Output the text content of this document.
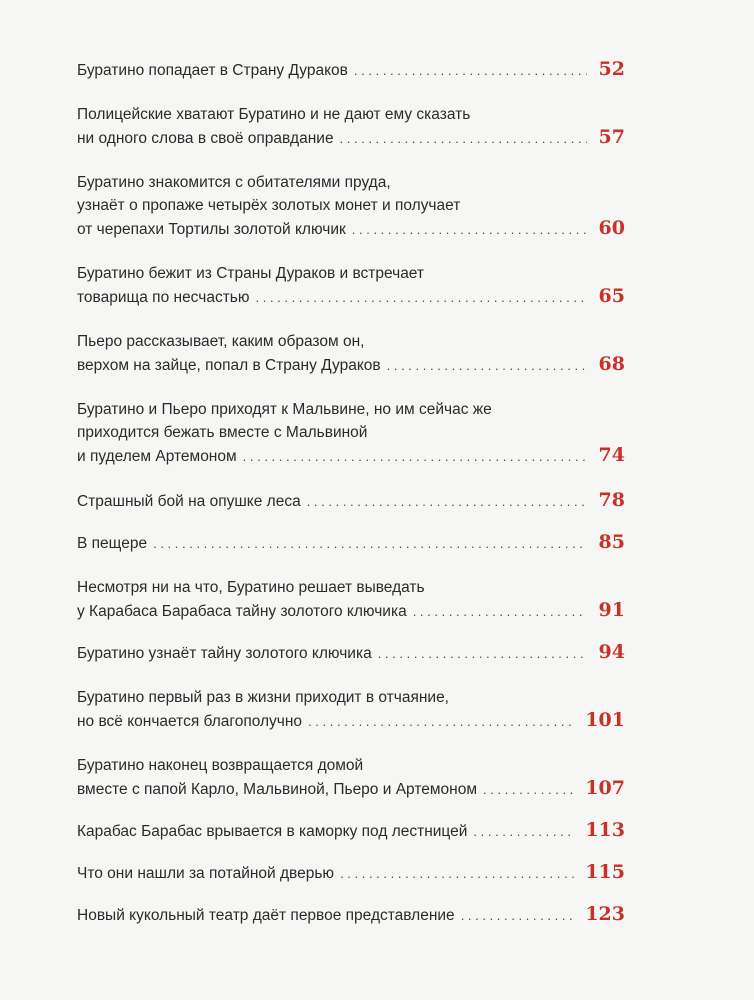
Буратино попадает в Страну Дураков . . .	52
Полицейские хватают Буратино и не дают ему сказать
ни одного слова в своё оправдание . . .	57
Буратино знакомится с обитателями пруда,
узнаёт о пропаже четырёх золотых монет и получает
от черепахи Тортилы золотой ключик . . .	60
Буратино бежит из Страны Дураков и встречает
товарища по несчастью . . .	65
Пьеро рассказывает, каким образом он,
верхом на зайце, попал в Страну Дураков . . .	68
Буратино и Пьеро приходят к Мальвине, но им сейчас же
приходится бежать вместе с Мальвиной
и пуделем Артемоном . . .	74
Страшный бой на опушке леса . . .	78
В пещере . . .	85
Несмотря ни на что, Буратино решает выведать
у Карабаса Барабаса тайну золотого ключика . . .	91
Буратино узнаёт тайну золотого ключика . . .	94
Буратино первый раз в жизни приходит в отчаяние,
но всё кончается благополучно . . .	101
Буратино наконец возвращается домой
вместе с папой Карло, Мальвиной, Пьеро и Артемоном . . .	107
Карабас Барабас врывается в каморку под лестницей . . .	113
Что они нашли за потайной дверью . . .	115
Новый кукольный театр даёт первое представление . . .	123
